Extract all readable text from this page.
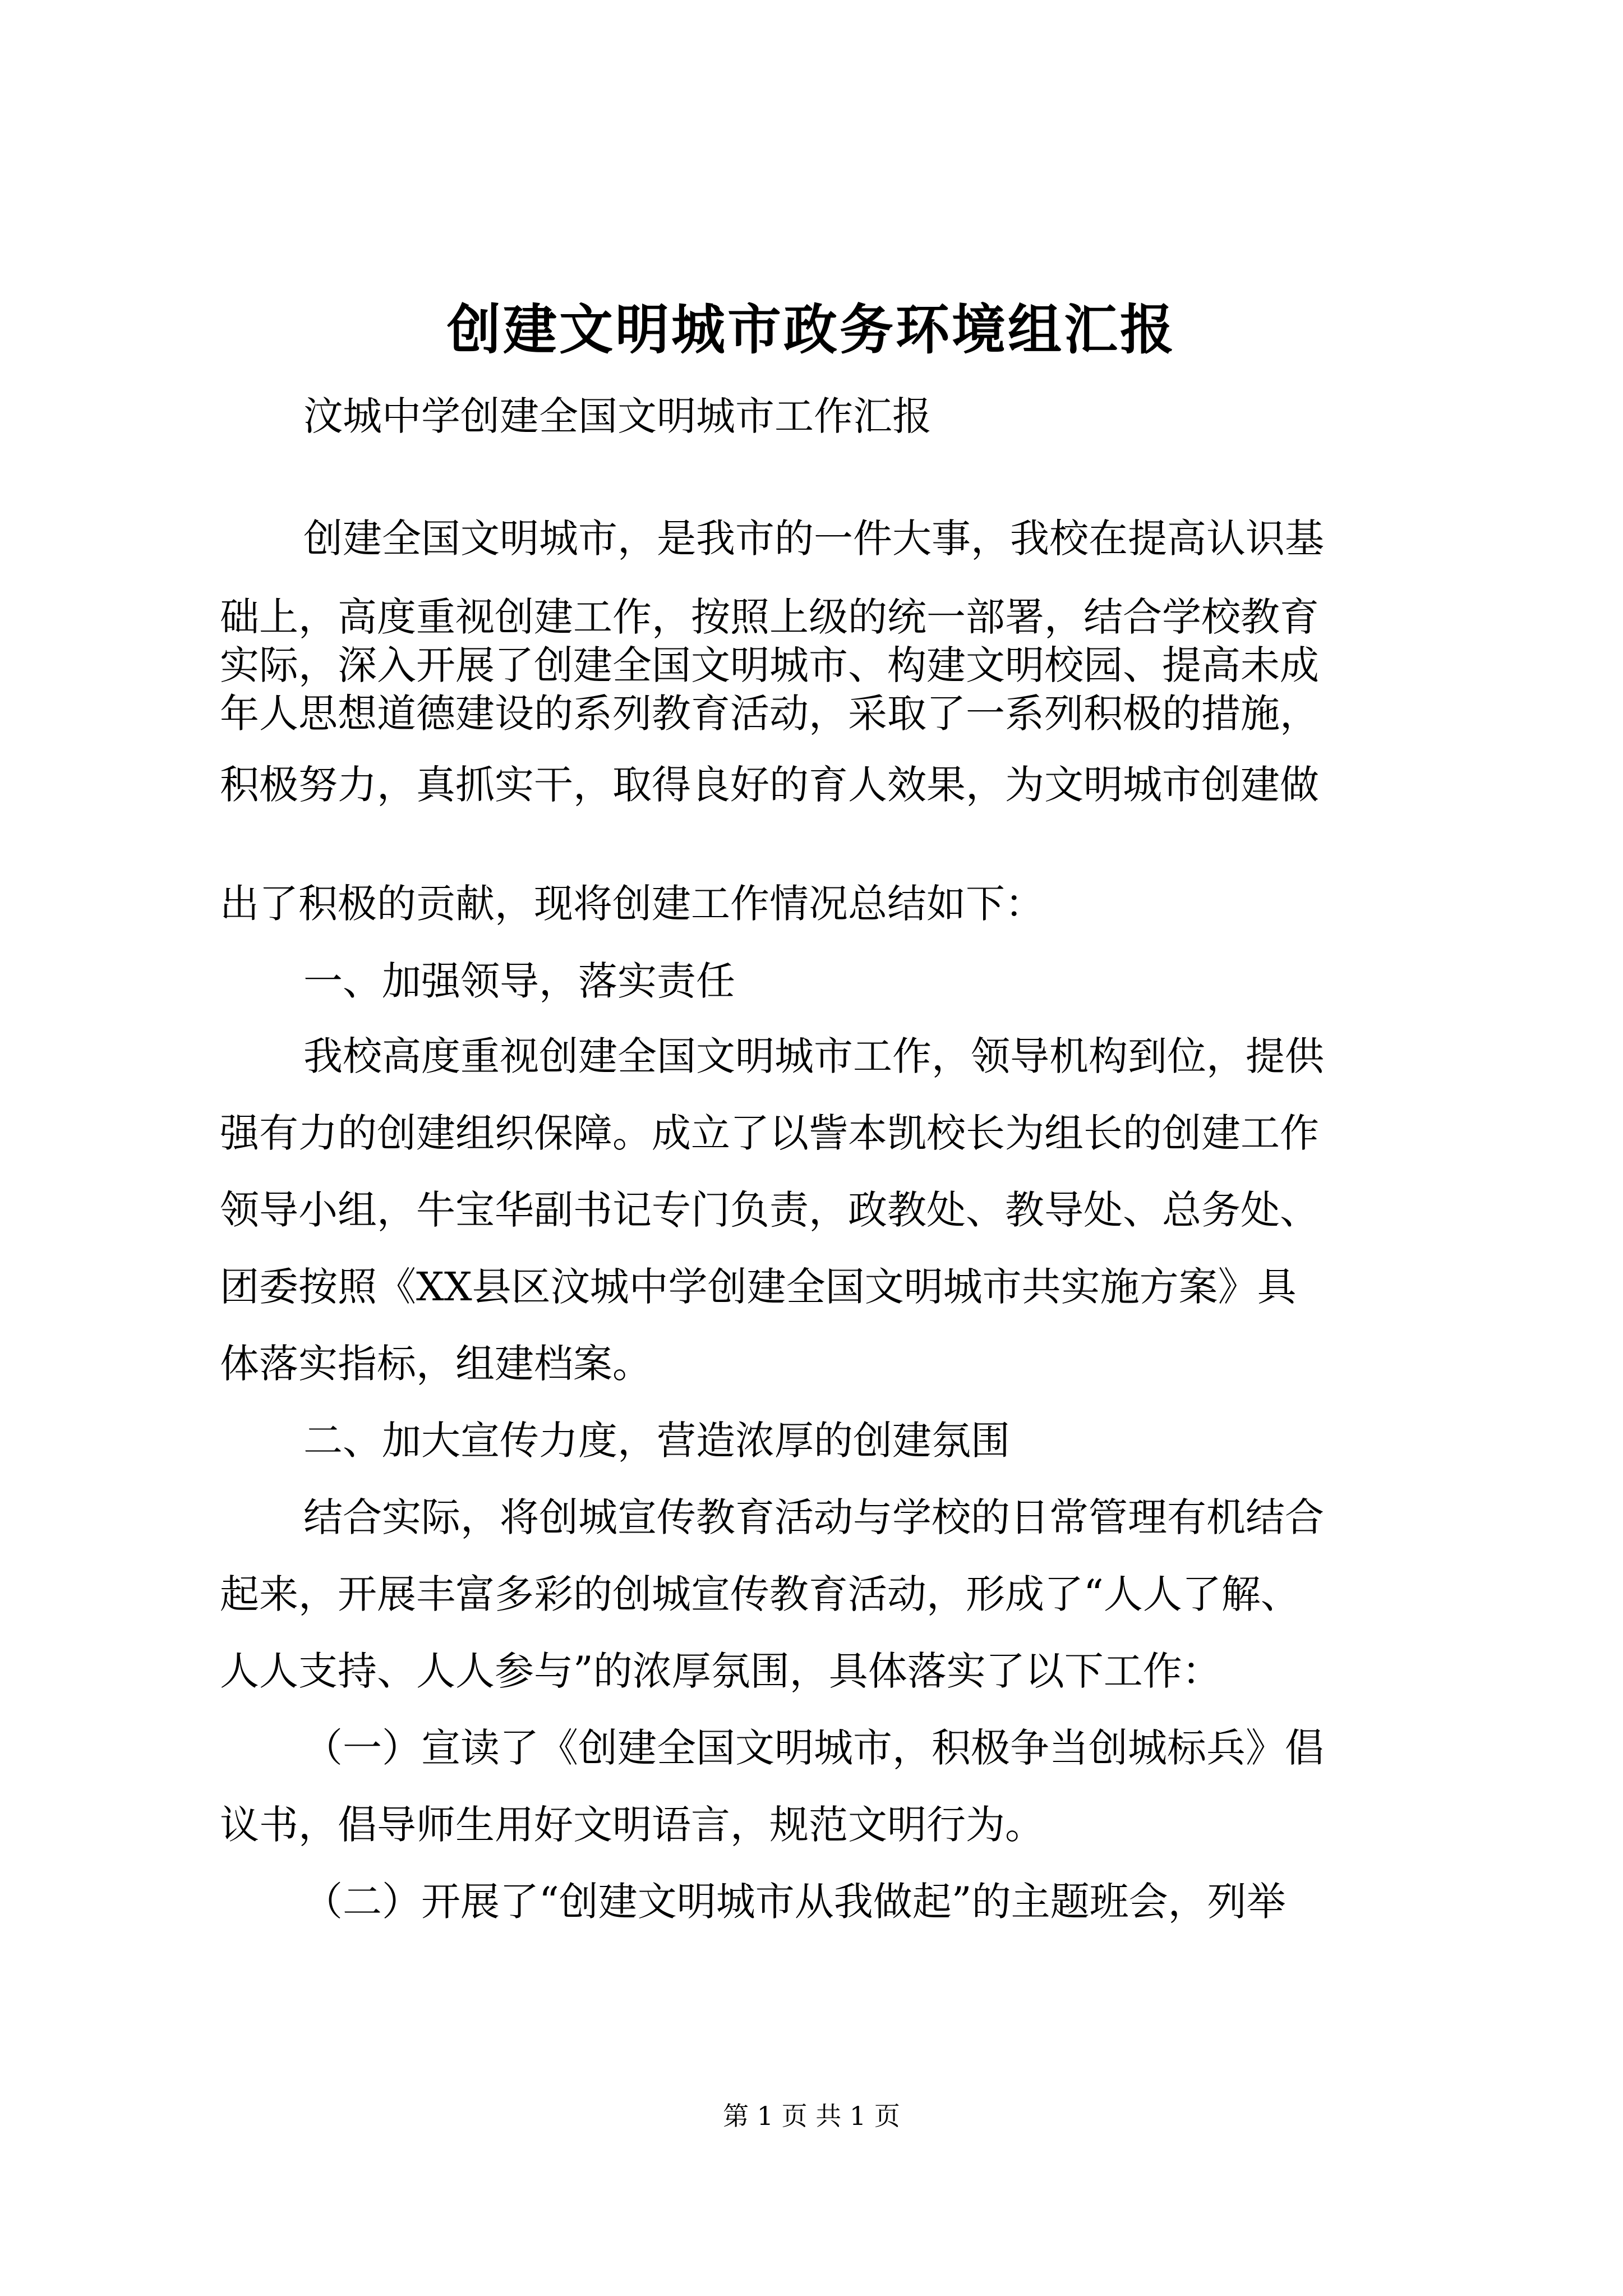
创建文明城市政务环境组汇报
汶城中学创建全国文明城市工作汇报
创建全国文明城市，是我市的一件大事，我校在提高认识基
础上，高度重视创建工作，按照上级的统一部署，结合学校教育
实际，深入开展了创建全国文明城市、构建文明校园、提高未成
年人思想道德建设的系列教育活动，采取了一系列积极的措施，
积极努力，真抓实干，取得良好的育人效果，为文明城市创建做
出了积极的贡献，现将创建工作情况总结如下：
一、加强领导，落实责任
我校高度重视创建全国文明城市工作，领导机构到位，提供
强有力的创建组织保障。成立了以訾本凯校长为组长的创建工作
领导小组，牛宝华副书记专门负责，政教处、教导处、总务处、
团委按照《XX县区汶城中学创建全国文明城市共实施方案》具
体落实指标，组建档案。
二、加大宣传力度，营造浓厚的创建氛围
结合实际，将创城宣传教育活动与学校的日常管理有机结合
起来，开展丰富多彩的创城宣传教育活动，形成了“人人了解、
人人支持、人人参与”的浓厚氛围，具体落实了以下工作：
（一）宣读了《创建全国文明城市，积极争当创城标兵》倡
议书，倡导师生用好文明语言，规范文明行为。
（二）开展了“创建文明城市从我做起”的主题班会，列举
第 1 页 共 1 页
